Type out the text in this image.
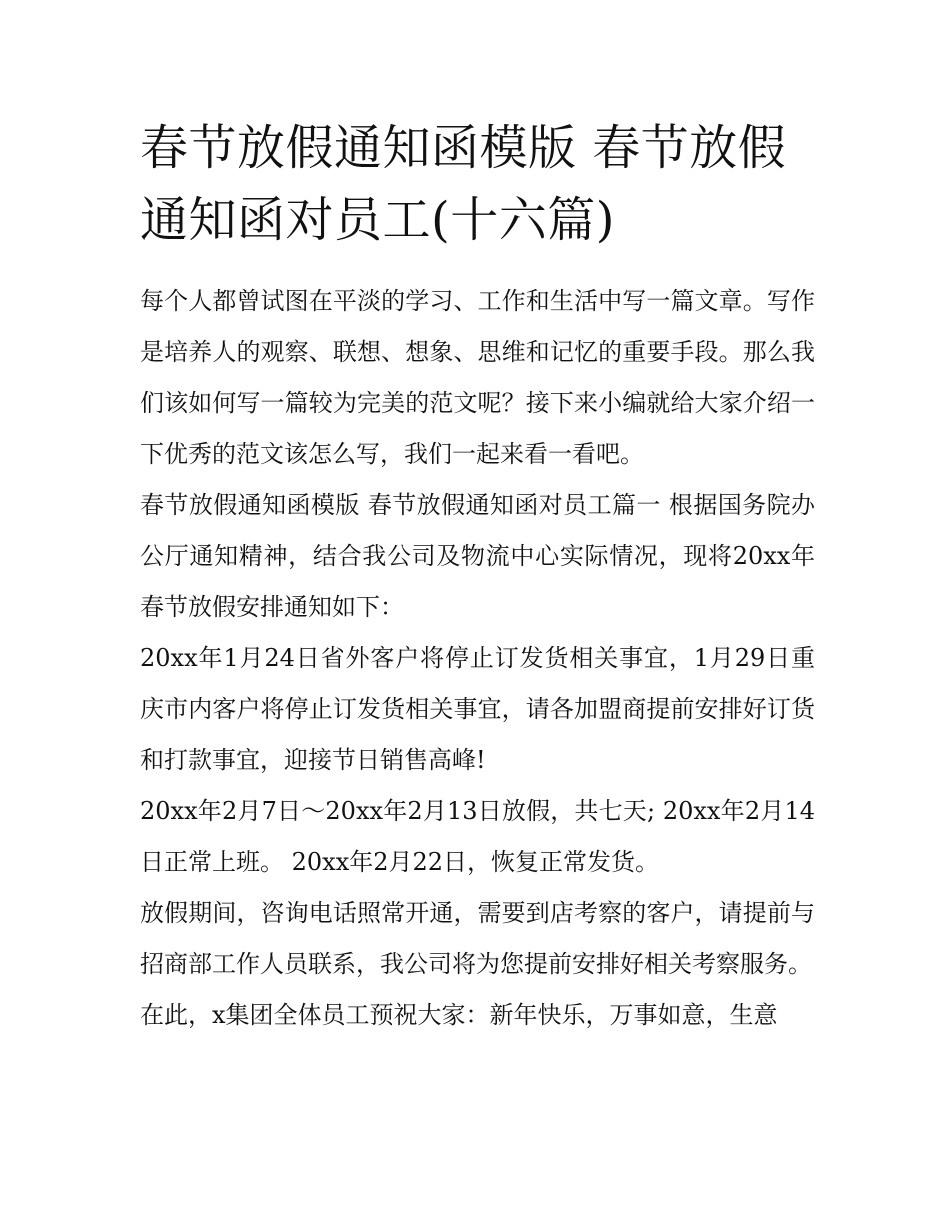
春节放假通知函模版 春节放假通知函对员工(十六篇)

每个人都曾试图在平淡的学习、工作和生活中写一篇文章。写作是培养人的观察、联想、想象、思维和记忆的重要手段。那么我们该如何写一篇较为完美的范文呢？接下来小编就给大家介绍一下优秀的范文该怎么写，我们一起来看一看吧。

春节放假通知函模版 春节放假通知函对员工篇一 根据国务院办公厅通知精神，结合我公司及物流中心实际情况，现将20xx年春节放假安排通知如下：

20xx年1月24日省外客户将停止订发货相关事宜，1月29日重庆市内客户将停止订发货相关事宜，请各加盟商提前安排好订货和打款事宜，迎接节日销售高峰!

20xx年2月7日～20xx年2月13日放假，共七天; 20xx年2月14日正常上班。 20xx年2月22日，恢复正常发货。

放假期间，咨询电话照常开通，需要到店考察的客户，请提前与招商部工作人员联系，我公司将为您提前安排好相关考察服务。

在此，x集团全体员工预祝大家：新年快乐，万事如意，生意
